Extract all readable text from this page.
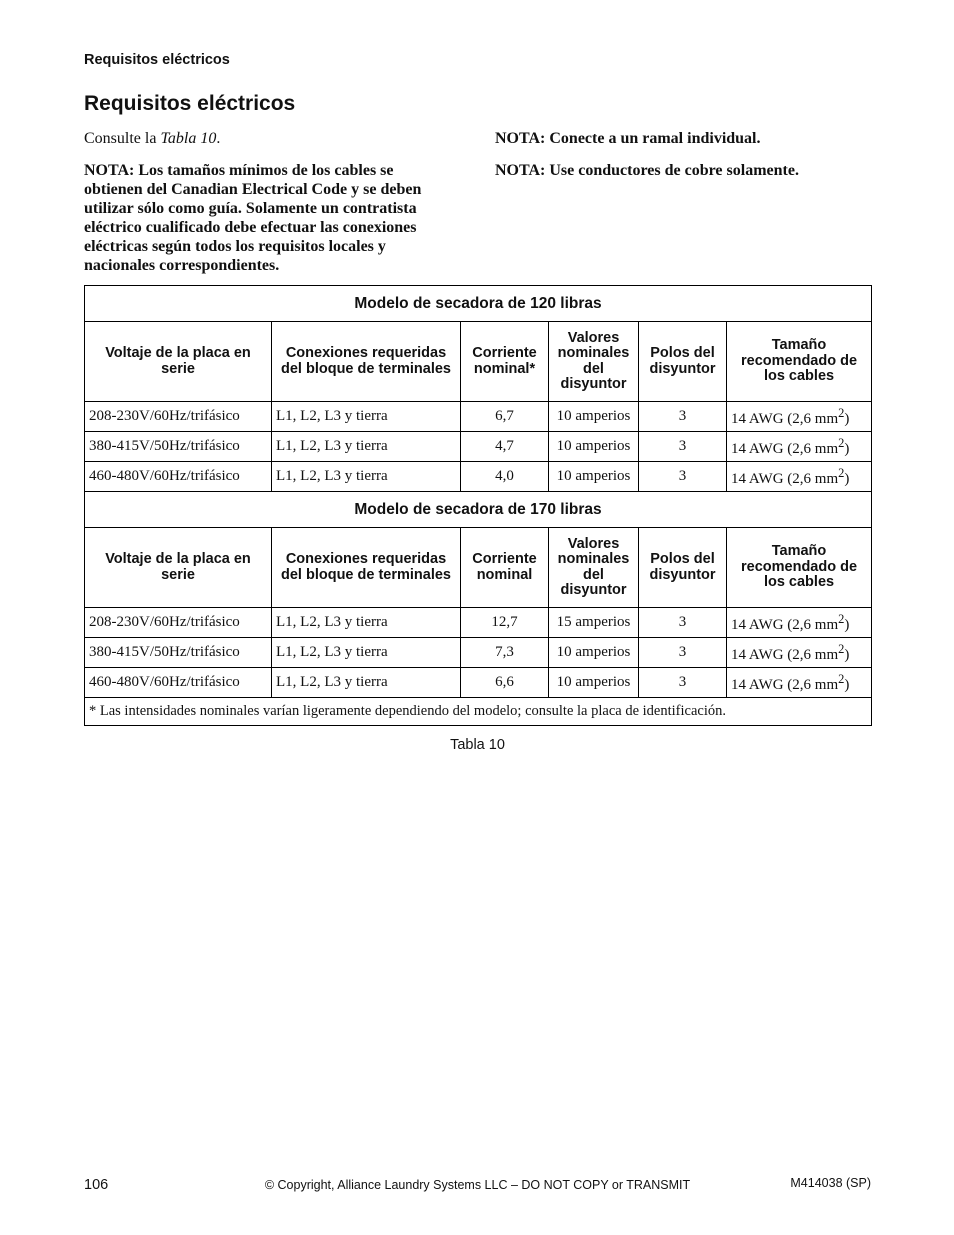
Requisitos eléctricos
Requisitos eléctricos

Consulte la Tabla 10.

NOTA: Los tamaños mínimos de los cables se obtienen del Canadian Electrical Code y se deben utilizar sólo como guía. Solamente un contratista eléctrico cualificado debe efectuar las conexiones eléctricas según todos los requisitos locales y nacionales correspondientes.

NOTA: Conecte a un ramal individual.

NOTA: Use conductores de cobre solamente.

Modelo de secadora de 120 libras					
Voltaje de la placa en serie	Conexiones requeridas del bloque de terminales	Corriente nominal*	Valores nominales del disyuntor	Polos del disyuntor	Tamaño recomendado de los cables
208-230V/60Hz/trifásico	L1, L2, L3 y tierra	6,7	10 amperios	3	14 AWG (2,6 $mm^2$)
380-415V/50Hz/trifásico	L1, L2, L3 y tierra	4,7	10 amperios	3	14 AWG (2,6 $mm^2$)
460-480V/60Hz/trifásico	L1, L2, L3 y tierra	4,0	10 amperios	3	14 AWG (2,6 $mm^2$)
Modelo de secadora de 170 libras					
Voltaje de la placa en serie	Conexiones requeridas del bloque de terminales	Corriente nominal	Valores nominales del disyuntor	Polos del disyuntor	Tamaño recomendado de los cables
208-230V/60Hz/trifásico	L1, L2, L3 y tierra	12,7	15 amperios	3	14 AWG (2,6 $mm^2$)
380-415V/50Hz/trifásico	L1, L2, L3 y tierra	7,3	10 amperios	3	14 AWG (2,6 $mm^2$)
460-480V/60Hz/trifásico	L1, L2, L3 y tierra	6,6	10 amperios	3	14 AWG (2,6 $mm^2$)
* Las intensidades nominales varían ligeramente dependiendo del modelo; consulte la placa de identificación.					
Tabla 10
106	© Copyright, Alliance Laundry Systems LLC – DO NOT COPY or TRANSMIT	M414038 (SP)
